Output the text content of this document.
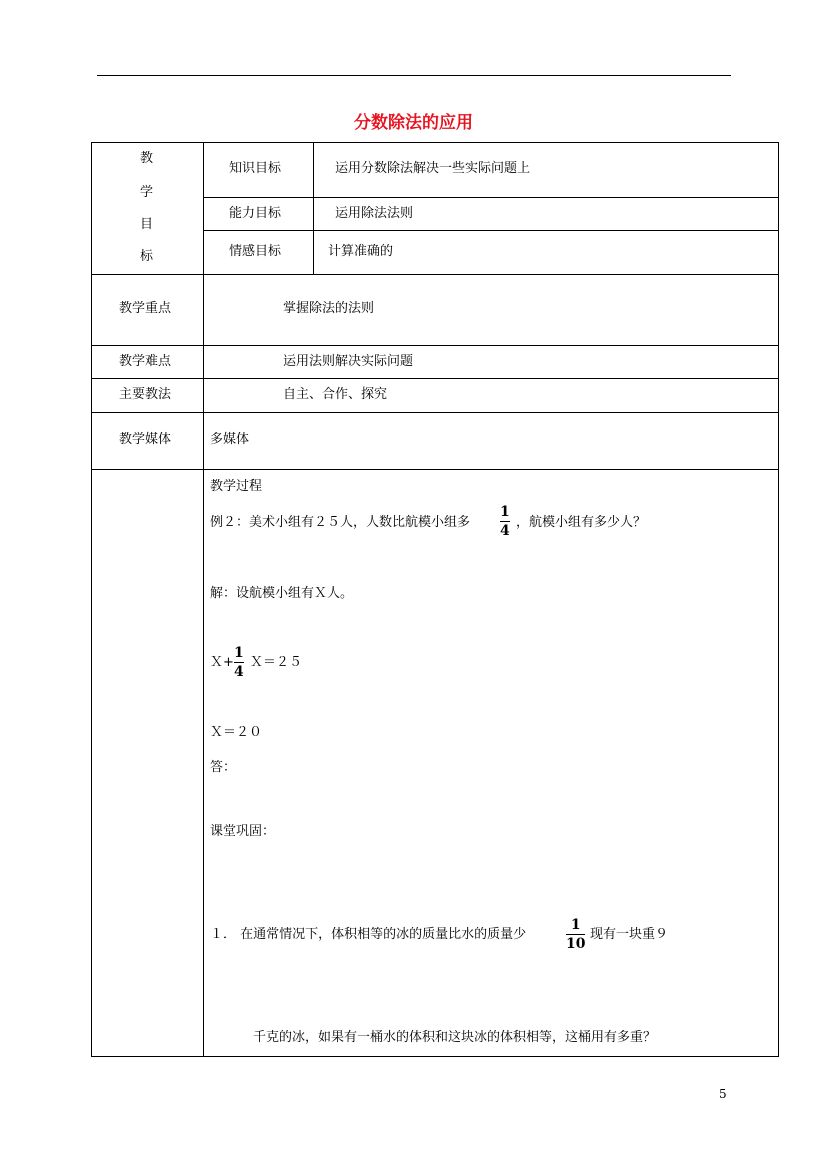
分数除法的应用
教
学
目
标
知识目标	运用分数除法解决一些实际问题上
能力目标	运用除法法则
情感目标	计算准确的
教学重点	掌握除法的法则
教学难点	运用法则解决实际问题
主要教法	自主、合作、探究
教学媒体	多媒体
教学过程
例２：美术小组有２５人，人数比航模小组多
1
4
，航模小组有多少人？
解：设航模小组有Ｘ人。
Ｘ+
1
4
Ｘ＝２５
Ｘ＝２０
答：
课堂巩固：
１． 在通常情况下，体积相等的冰的质量比水的质量少
1
10
现有一块重９
千克的冰，如果有一桶水的体积和这块冰的体积相等，这桶用有多重？
5
